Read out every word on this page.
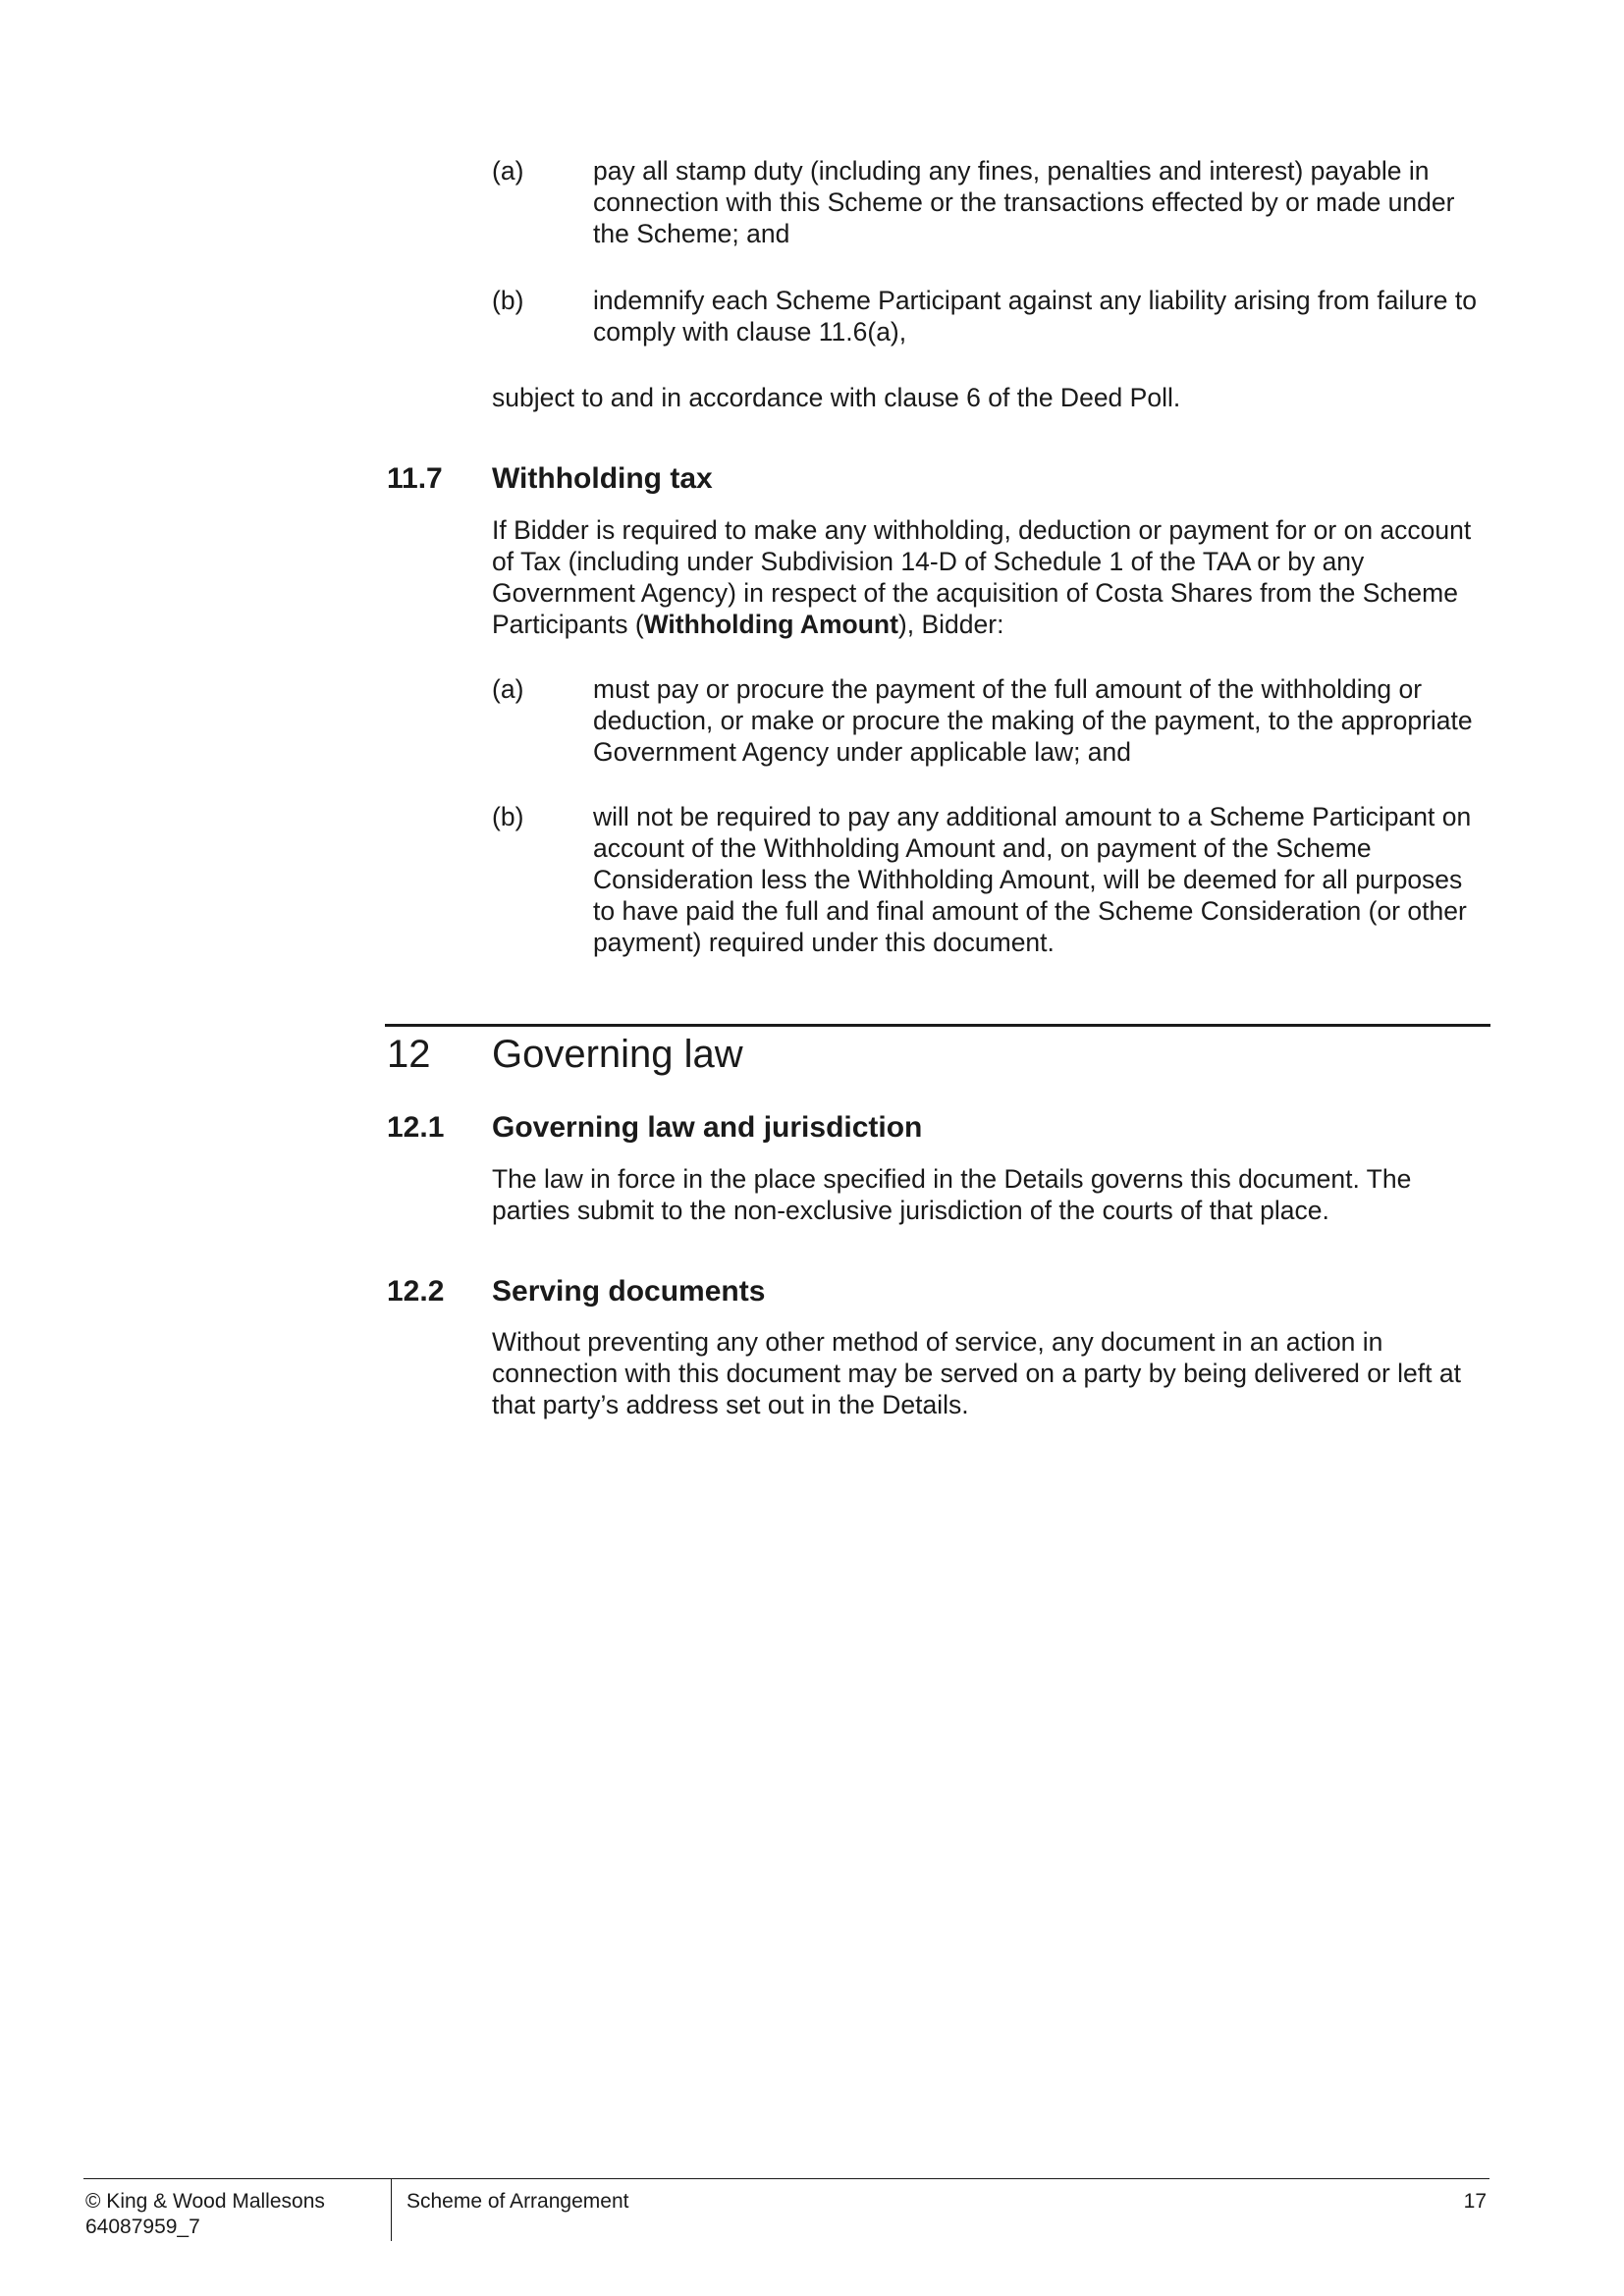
(a)	pay all stamp duty (including any fines, penalties and interest) payable in connection with this Scheme or the transactions effected by or made under the Scheme; and
(b)	indemnify each Scheme Participant against any liability arising from failure to comply with clause 11.6(a),
subject to and in accordance with clause 6 of the Deed Poll.
11.7 Withholding tax
If Bidder is required to make any withholding, deduction or payment for or on account of Tax (including under Subdivision 14-D of Schedule 1 of the TAA or by any Government Agency) in respect of the acquisition of Costa Shares from the Scheme Participants (Withholding Amount), Bidder:
(a)	must pay or procure the payment of the full amount of the withholding or deduction, or make or procure the making of the payment, to the appropriate Government Agency under applicable law; and
(b)	will not be required to pay any additional amount to a Scheme Participant on account of the Withholding Amount and, on payment of the Scheme Consideration less the Withholding Amount, will be deemed for all purposes to have paid the full and final amount of the Scheme Consideration (or other payment) required under this document.
12 Governing law
12.1 Governing law and jurisdiction
The law in force in the place specified in the Details governs this document. The parties submit to the non-exclusive jurisdiction of the courts of that place.
12.2 Serving documents
Without preventing any other method of service, any document in an action in connection with this document may be served on a party by being delivered or left at that party’s address set out in the Details.
© King & Wood Mallesons
64087959_7
Scheme of Arrangement	17
